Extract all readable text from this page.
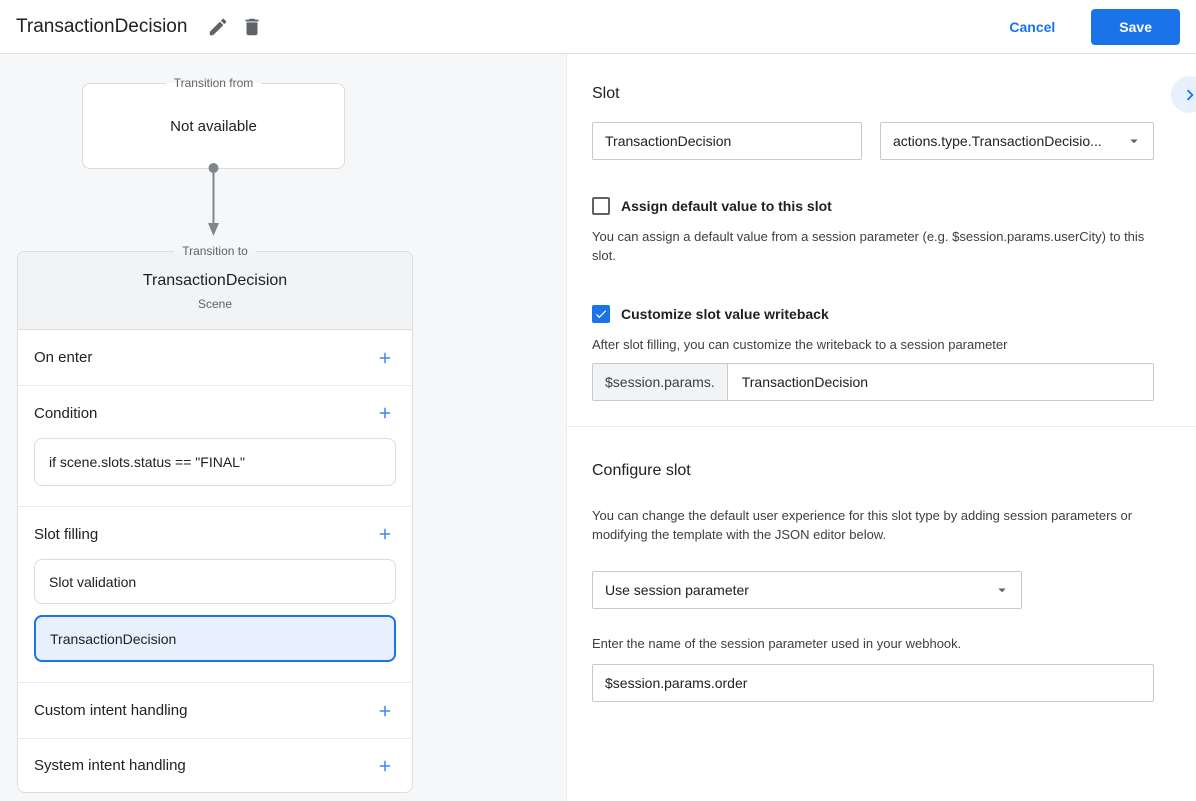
TransactionDecision	Cancel	Save
Transition from
Not available
Transition to
TransactionDecision
Scene
On enter
Condition
if scene.slots.status == "FINAL"
Slot filling
Slot validation
TransactionDecision
Custom intent handling
System intent handling
Slot
TransactionDecision
actions.type.TransactionDecisio...
Assign default value to this slot

You can assign a default value from a session parameter (e.g. $session.params.userCity) to this slot.

Customize slot value writeback

After slot filling, you can customize the writeback to a session parameter

$session.params.
TransactionDecision
Configure slot

You can change the default user experience for this slot type by adding session parameters or modifying the template with the JSON editor below.

Use session parameter

Enter the name of the session parameter used in your webhook.

$session.params.order
